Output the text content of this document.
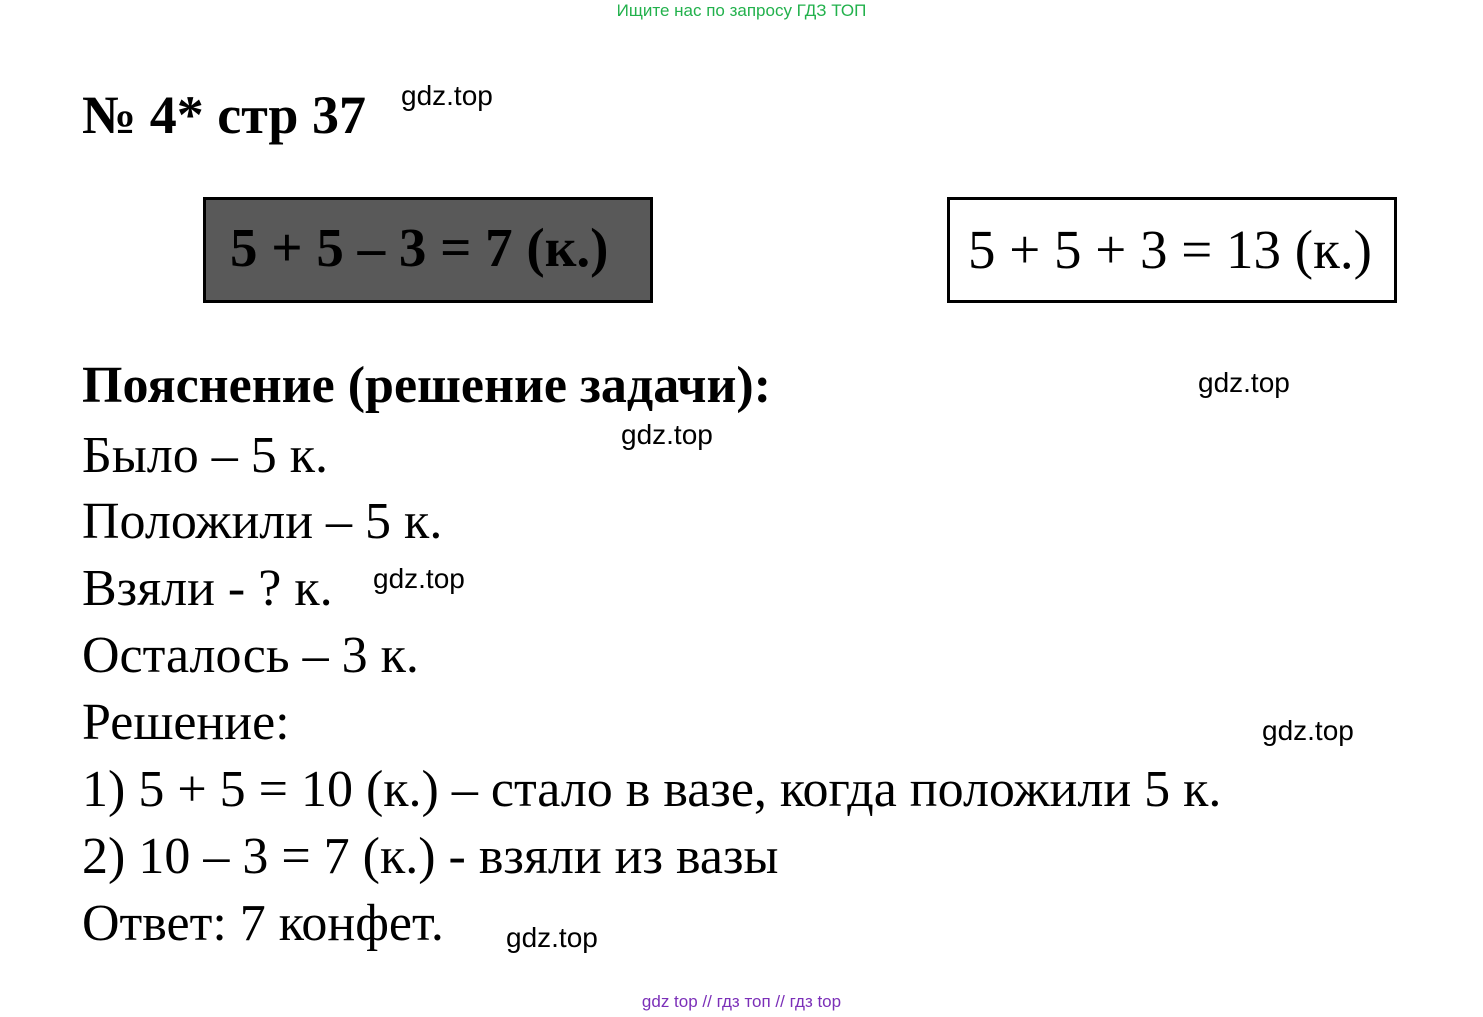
Ищите нас по запросу ГДЗ ТОП
№ 4* стр 37 gdz.top
5 + 5 – 3 = 7 (к.)	5 + 5 + 3 = 13 (к.)
Пояснение (решение задачи):	gdz.top
Было – 5 к.	gdz.top
Положили – 5 к.
Взяли - ? к. gdz.top
Осталось – 3 к.
Решение:	gdz.top
1) 5 + 5 = 10 (к.) – стало в вазе, когда положили 5 к.
2) 10 – 3 = 7 (к.) - взяли из вазы
Ответ: 7 конфет. gdz.top
gdz top // гдз топ // гдз top
